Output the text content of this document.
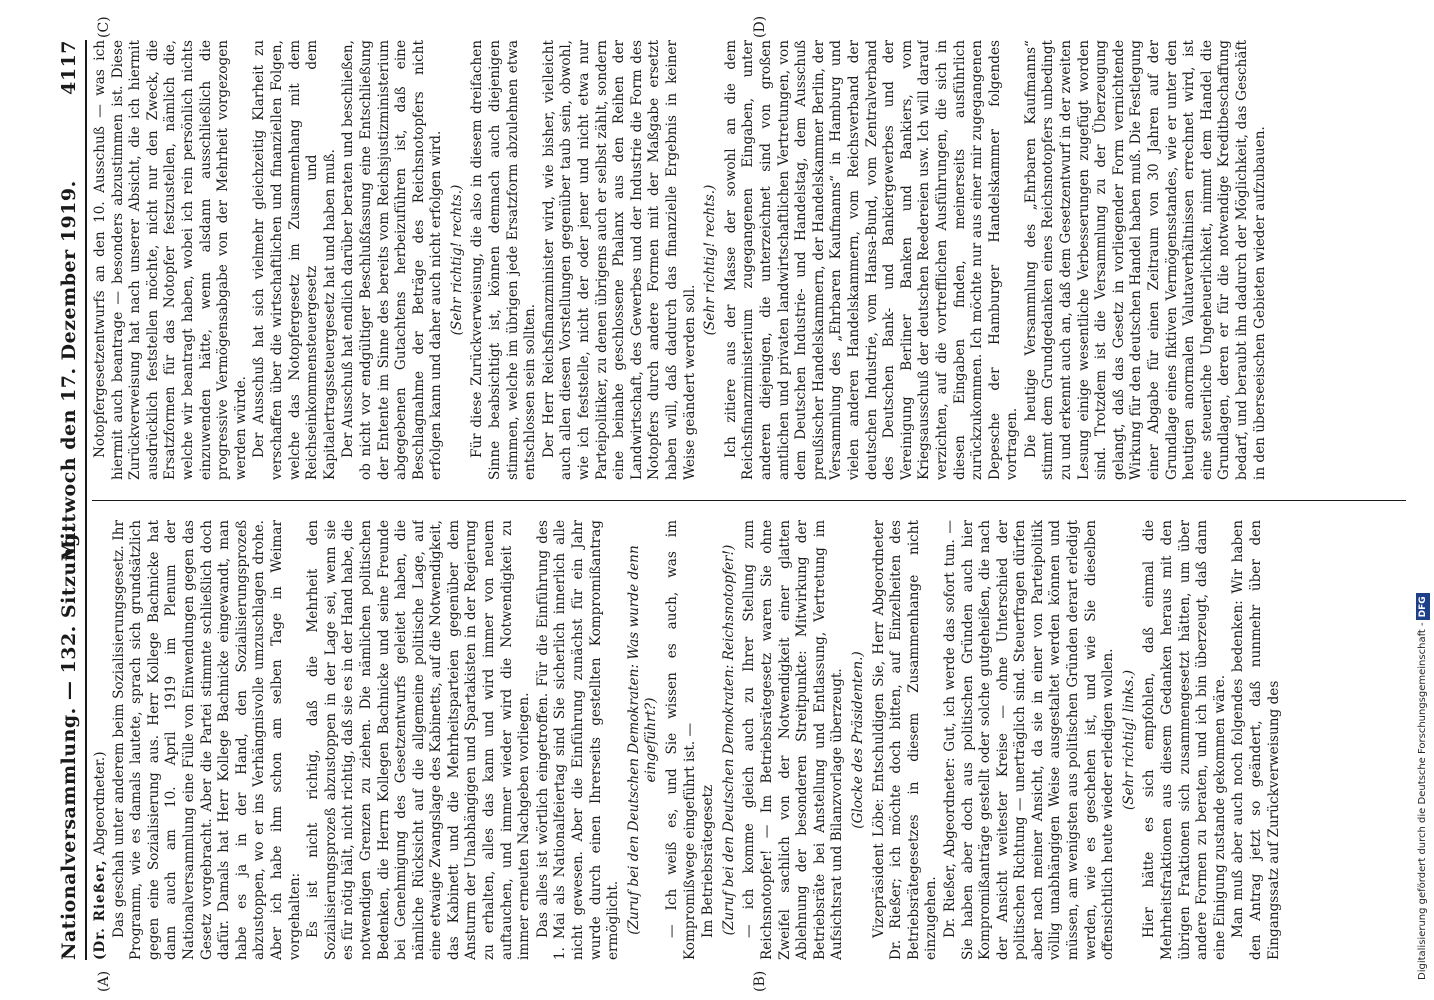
Nationalversammlung. — 132. Sitzung.
Mittwoch den 17. Dezember 1919.            4117
(A)	(B)
(C)	(D)

(Dr. Rießer, Abgeordneter.) Das geschah unter anderem beim Sozialisierungsgesetz. Ihr Programm, wie es damals lautete, sprach sich grundsätzlich gegen eine Sozialisierung aus. Herr Kollege Bachnicke hat dann auch am 10. April 1919 im Plenum der Nationalversammlung eine Fülle von Einwendungen gegen das Gesetz vorgebracht. Aber die Partei stimmte schließlich doch dafür. Damals hat Herr Kollege Bachnicke eingewandt, man habe es ja in der Hand, den Sozialisierungsprozeß abzustoppen, wo er ins Verhängnisvolle umzuschlagen drohe. Aber ich habe ihm schon am selben Tage in Weimar vorgehalten: Es ist nicht richtig, daß die Mehrheit den Sozialisierungsprozeß abzustoppen in der Lage sei, wenn sie es für nötig hält, nicht richtig, daß sie es in der Hand habe, die notwendigen Grenzen zu ziehen. Die nämlichen politischen Bedenken, die Herrn Kollegen Bachnicke und seine Freunde bei Genehmigung des Gesetzentwurfs geleitet haben, die nämliche Rücksicht auf die allgemeine politische Lage, auf eine etwaige Zwangslage des Kabinetts, auf die Notwendigkeit, das Kabinett und die Mehrheitsparteien gegenüber dem Ansturm der Unabhängigen und Spartakisten in der Regierung zu erhalten, alles das kann und wird immer von neuem auftauchen, und immer wieder wird die Notwendigkeit zu immer erneuten Nachgeben vorliegen. Das alles ist wörtlich eingetroffen. Für die Einführung des 1. Mai als Nationalfeiertag sind Sie sicherlich innerlich alle nicht gewesen. Aber die Einführung zunächst für ein Jahr wurde durch einen Ihrerseits gestellten Kompromißantrag ermöglicht. (Zuruf bei den Deutschen Demokraten: Was wurde denn eingeführt?) — Ich weiß es, und Sie wissen es auch, was im Kompromißwege eingeführt ist. — Im Betriebsrätegesetz (Zuruf bei den Deutschen Demokraten: Reichsnotopfer!) — ich komme gleich auch zu Ihrer Stellung zum Reichsnotopfer! — Im Betriebsrätegesetz waren Sie ohne Zweifel sachlich von der Notwendigkeit einer glatten Ablehnung der besonderen Streitpunkte: Mitwirkung der Betriebsräte bei Anstellung und Entlassung, Vertretung im Aufsichtsrat und Bilanzvorlage überzeugt. (Glocke des Präsidenten.) Vizepräsident Löbe: Entschuldigen Sie, Herr Abgeordneter Dr. Rießer; ich möchte doch bitten, auf Einzelheiten des Betriebsrätegesetzes in diesem Zusammenhange nicht einzugehen. Dr. Rießer, Abgeordneter: Gut, ich werde das sofort tun. — Sie haben aber doch aus politischen Gründen auch hier Kompromißanträge gestellt oder solche gutgeheißen, die nach der Ansicht weitester Kreise — ohne Unterschied der politischen Richtung — unerträglich sind. Steuerfragen dürfen aber nach meiner Ansicht, da sie in einer von Parteipolitik völlig unabhängigen Weise ausgestaltet werden können und müssen, am wenigsten aus politischen Gründen derart erledigt werden, wie es geschehen ist, und wie Sie dieselben offensichtlich heute wieder erledigen wollen. (Sehr richtig! links.) Hier hätte es sich empfohlen, daß einmal die Mehrheitsfraktionen aus diesem Gedanken heraus mit den übrigen Fraktionen sich zusammengesetzt hätten, um über andere Formen zu beraten, und ich bin überzeugt, daß dann eine Einigung zustande gekommen wäre. Man muß aber auch noch folgendes bedenken: Wir haben den Antrag jetzt so geändert, daß nunmehr über den Eingangssatz auf Zurückverweisung des

Notopfergesetzentwurfs an den 10. Ausschuß — was ich hiermit auch beantrage — besonders abzustimmen ist. Diese Zurückverweisung hat nach unserer Absicht, die ich hiermit ausdrücklich feststellen möchte, nicht nur den Zweck, die Ersatzformen für das Notopfer festzustellen, nämlich die, welche wir beantragt haben, wobei ich rein persönlich nichts einzuwenden hätte, wenn alsdann ausschließlich die progressive Vermögensabgabe von der Mehrheit vorgezogen werden würde. Der Ausschuß hat sich vielmehr gleichzeitig Klarheit zu verschaffen über die wirtschaftlichen und finanziellen Folgen, welche das Notopfergesetz im Zusammenhang mit dem Reichseinkommensteuergesetz und dem Kapitalertragssteuergesetz hat und haben muß. Der Ausschuß hat endlich darüber beraten und beschließen, ob nicht vor endgültiger Beschlußfassung eine Entschließung der Entente im Sinne des bereits vom Reichsjustizministerium abgegebenen Gutachtens herbeizuführen ist, daß eine Beschlagnahme der Beträge des Reichsnotopfers nicht erfolgen kann und daher auch nicht erfolgen wird. (Sehr richtig! rechts.) Für diese Zurückverweisung, die also in diesem dreifachen Sinne beabsichtigt ist, können demnach auch diejenigen stimmen, welche im übrigen jede Ersatzform abzulehnen etwa entschlossen sein sollten. Der Herr Reichsfinanzminister wird, wie bisher, vielleicht auch allen diesen Vorstellungen gegenüber taub sein, obwohl, wie ich feststelle, nicht der oder jener und nicht etwa nur Parteipolitiker, zu denen übrigens auch er selbst zählt, sondern eine beinahe geschlossene Phalanx aus den Reihen der Landwirtschaft, des Gewerbes und der Industrie die Form des Notopfers durch andere Formen mit der Maßgabe ersetzt haben will, daß dadurch das finanzielle Ergebnis in keiner Weise geändert werden soll.

(Sehr richtig! rechts.) Ich zitiere aus der Masse der sowohl an die dem Reichsfinanzministerium zugegangenen Eingaben, unter anderen diejenigen, die unterzeichnet sind von großen amtlichen und privaten landwirtschaftlichen Vertretungen, von dem Deutschen Industrie- und Handelstag, dem Ausschuß preußischer Handelskammern, der Handelskammer Berlin, der Versammlung des „Ehrbaren Kaufmanns“ in Hamburg und vielen anderen Handelskammern, vom Reichsverband der deutschen Industrie, vom Hansa-Bund, vom Zentralverband des Deutschen Bank- und Bankiergewerbes und der Vereinigung Berliner Banken und Bankiers, vom Kriegsausschuß der deutschen Reedereien usw. Ich will darauf verzichten, auf die vortrefflichen Ausführungen, die sich in diesen Eingaben finden, meinerseits ausführlich zurückzukommen. Ich möchte nur aus einer mir zugegangenen Depesche der Hamburger Handelskammer folgendes vortragen. Die heutige Versammlung des „Ehrbaren Kaufmanns“ stimmt dem Grundgedanken eines Reichsnotopfers unbedingt zu und erkennt auch an, daß dem Gesetzentwurf in der zweiten Lesung einige wesentliche Verbesserungen zugefügt worden sind. Trotzdem ist die Versammlung zu der Überzeugung gelangt, daß das Gesetz in vorliegender Form vernichtende Wirkung für den deutschen Handel haben muß. Die Festlegung einer Abgabe für einen Zeitraum von 30 Jahren auf der Grundlage eines fiktiven Vermögensstandes, wie er unter den heutigen anormalen Valutaverhältnissen errechnet wird, ist eine steuerliche Ungeheuerlichkeit, nimmt dem Handel die Grundlagen, deren er für die notwendige Kreditbeschaffung bedarf, und beraubt ihn dadurch der Möglichkeit, das Geschäft in den überseeischen Gebieten wieder aufzubauen.

Digitalisierung gefördert durch die Deutsche Forschungsgemeinschaft -DFG
